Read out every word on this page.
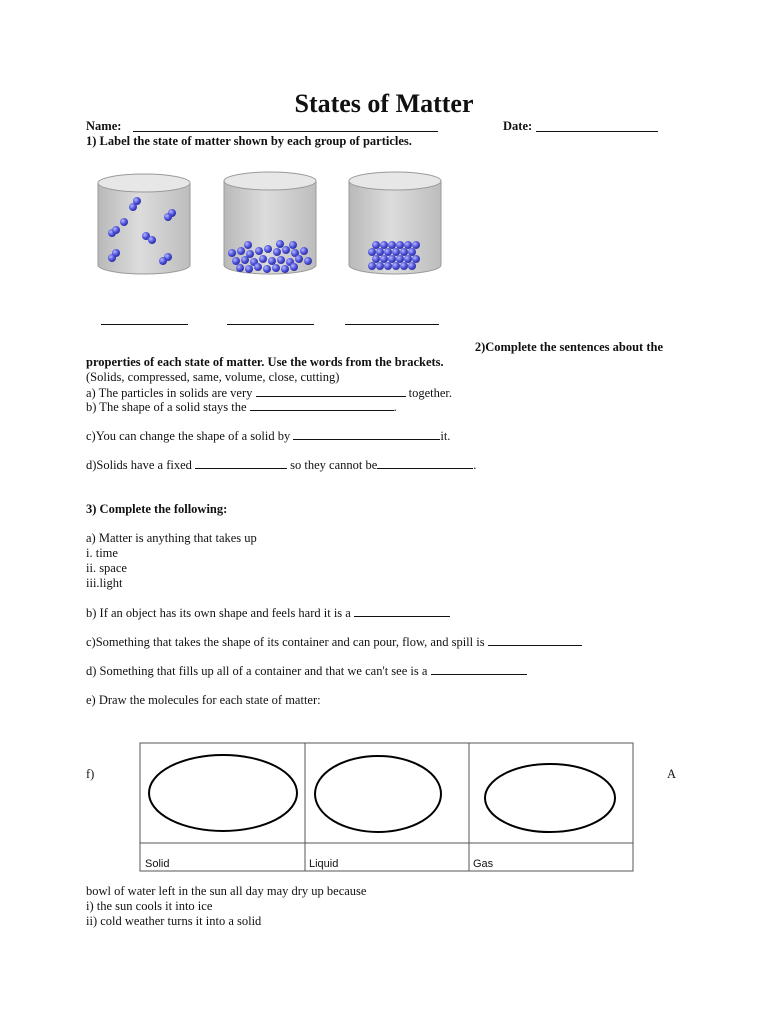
States of Matter
Name:	Date:
1) Label the state of matter shown by each group of particles.
2)Complete the sentences about the
properties of each state of matter. Use the words from the brackets.
(Solids, compressed, same, volume, close, cutting)
a) The particles in solids are very	together.
b) The shape of a solid stays the	.
c)You can change the shape of a solid by	it.
d)Solids have a fixed	so they cannot be	.
3) Complete the following:
a) Matter is anything that takes up
i. time
ii. space
iii.light
b) If an object has its own shape and feels hard it is a
c)Something that takes the shape of its container and can pour, flow, and spill is
d) Something that fills up all of a container and that we can't see is a
e) Draw the molecules for each state of matter:
f)	A
Solid	Liquid	Gas
bowl of water left in the sun all day may dry up because
i) the sun cools it into ice
ii) cold weather turns it into a solid
